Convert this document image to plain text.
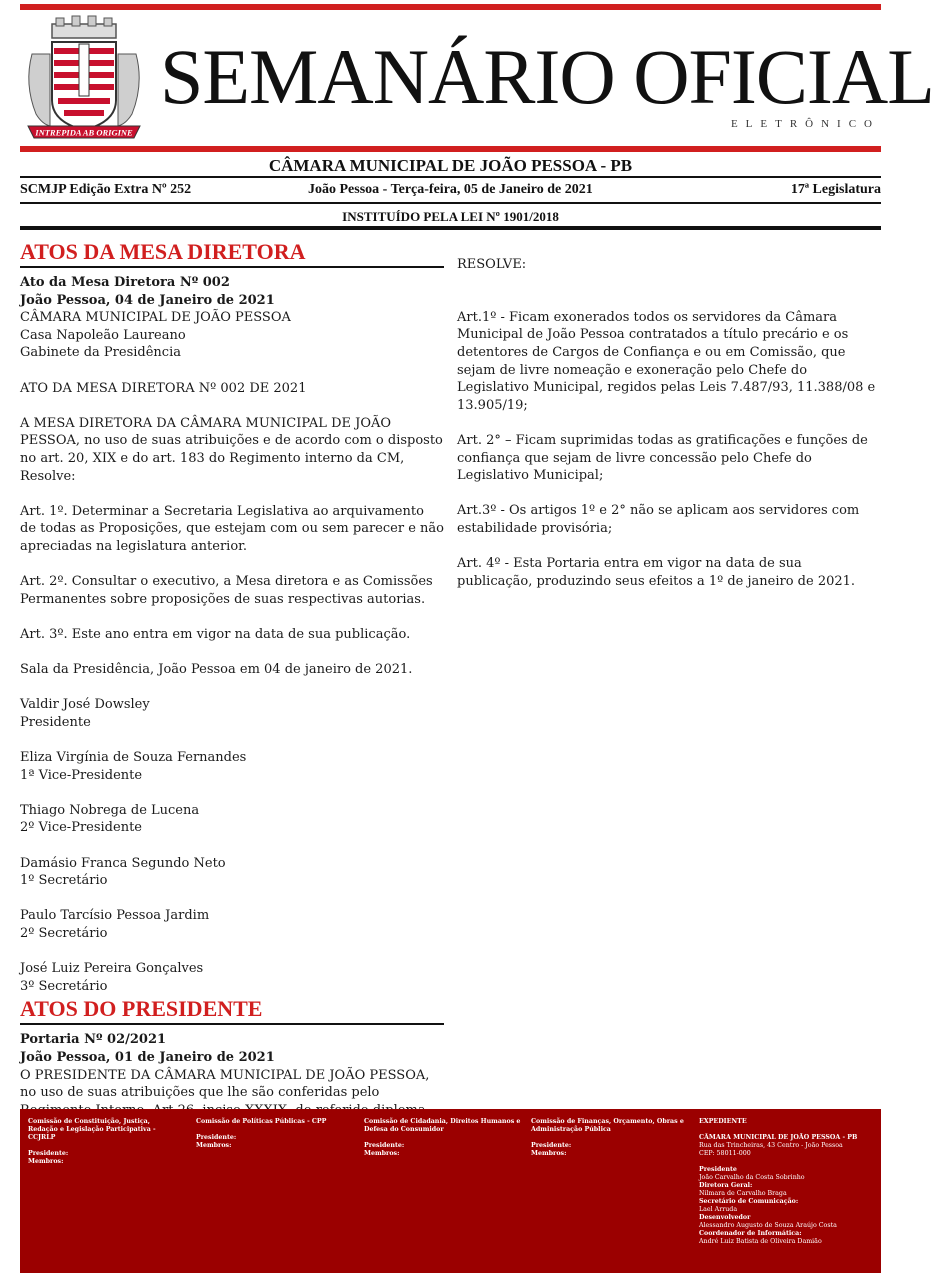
INTREPIDA AB ORIGINE
SEMANÁRIO OFICIAL
ELETRÔNICO
CÂMARA MUNICIPAL DE JOÃO PESSOA - PB
SCMJP Edição Extra Nº 252	João Pessoa - Terça-feira, 05 de Janeiro de 2021	17ª Legislatura
INSTITUÍDO PELA LEI Nº 1901/2018
ATOS DA MESA DIRETORA

Ato da Mesa Diretora Nº 002

João Pessoa, 04 de Janeiro de 2021

CÂMARA MUNICIPAL DE JOÃO PESSOA

Casa Napoleão Laureano

Gabinete da Presidência

ATO DA MESA DIRETORA Nº 002 DE 2021

A MESA DIRETORA DA CÂMARA MUNICIPAL DE JOÃO PESSOA, no uso de suas atribuições e de acordo com o disposto no art. 20, XIX e do art. 183 do Regimento interno da CM, Resolve:

Art. 1º. Determinar a Secretaria Legislativa ao arquivamento de todas as Proposições, que estejam com ou sem parecer e não apreciadas na legislatura anterior.

Art. 2º. Consultar o executivo, a Mesa diretora e as Comissões Permanentes sobre proposições de suas respectivas autorias.

Art. 3º. Este ano entra em vigor na data de sua publicação.

Sala da Presidência, João Pessoa em 04 de janeiro de 2021.

Valdir José Dowsley

Presidente

Eliza Virgínia de Souza Fernandes

1ª Vice-Presidente

Thiago Nobrega de Lucena

2º Vice-Presidente

Damásio Franca Segundo Neto

1º Secretário

Paulo Tarcísio Pessoa Jardim

2º Secretário

José Luiz Pereira Gonçalves

3º Secretário

ATOS DO PRESIDENTE

Portaria Nº 02/2021

João Pessoa, 01 de Janeiro de 2021

O PRESIDENTE DA CÂMARA MUNICIPAL DE JOÃO PESSOA, no uso de suas atribuições que lhe são conferidas pelo

RESOLVE:

Art.1º - Ficam exonerados todos os servidores da Câmara Municipal de João Pessoa contratados a título precário e os detentores de Cargos de Confiança e ou em Comissão, que sejam de livre nomeação e exoneração pelo Chefe do Legislativo Municipal, regidos pelas Leis 7.487/93, 11.388/08 e 13.905/19;

Art. 2° – Ficam suprimidas todas as gratificações e funções de confiança que sejam de livre concessão pelo Chefe do Legislativo Municipal;

Art.3º - Os artigos 1º e 2° não se aplicam aos servidores com estabilidade provisória;

Art. 4º - Esta Portaria entra em vigor na data de sua publicação, produzindo seus efeitos a 1º de janeiro de 2021.

Comissão de Constituição, Justiça, Redação e Legislação Participativa - CCJRLP

Presidente:

Membros:

Comissão de Políticas Públicas - CPP

Presidente:

Membros:

Comissão de Cidadania, Direitos Humanos e Defesa do Consumidor

Presidente:

Membros:

Comissão de Finanças, Orçamento, Obras e Administração Pública

Presidente:

Membros:

EXPEDIENTE

CÂMARA MUNICIPAL DE JOÃO PESSOA - PB

Rua das Trincheiras, 43 Centro - João Pessoa

CEP: 58011-000

Presidente

João Carvalho da Costa Sobrinho

Diretora Geral:

Nilmara de Carvalho Braga

Secretário de Comunicação:

Lael Arruda

Desenvolvedor

Alessandro Augusto de Souza Araújo Costa

Coordenador de Informática:

André Luiz Batista de Oliveira Damião
